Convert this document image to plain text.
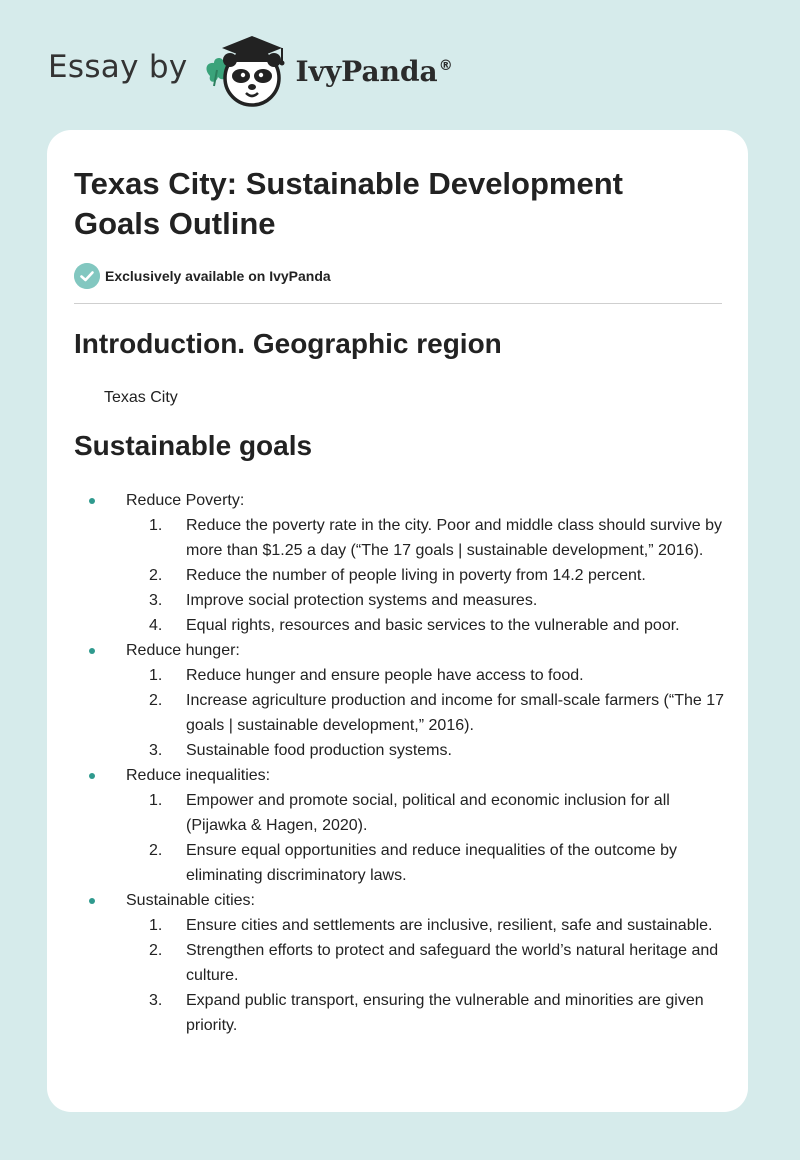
Essay by	IvyPanda®
Texas City: Sustainable Development Goals Outline
Exclusively available on IvyPanda
Introduction. Geographic region

Texas City

Sustainable goals
Reduce Poverty:
1. Reduce the poverty rate in the city. Poor and middle class should survive by more than $1.25 a day (“The 17 goals | sustainable development,” 2016).
2. Reduce the number of people living in poverty from 14.2 percent.
3. Improve social protection systems and measures.
4. Equal rights, resources and basic services to the vulnerable and poor.
Reduce hunger:
1. Reduce hunger and ensure people have access to food.
2. Increase agriculture production and income for small-scale farmers (“The 17 goals | sustainable development,” 2016).
3. Sustainable food production systems.
Reduce inequalities:
1. Empower and promote social, political and economic inclusion for all (Pijawka & Hagen, 2020).
2. Ensure equal opportunities and reduce inequalities of the outcome by eliminating discriminatory laws.
Sustainable cities:
1. Ensure cities and settlements are inclusive, resilient, safe and sustainable.
2. Strengthen efforts to protect and safeguard the world’s natural heritage and culture.
3. Expand public transport, ensuring the vulnerable and minorities are given priority.
